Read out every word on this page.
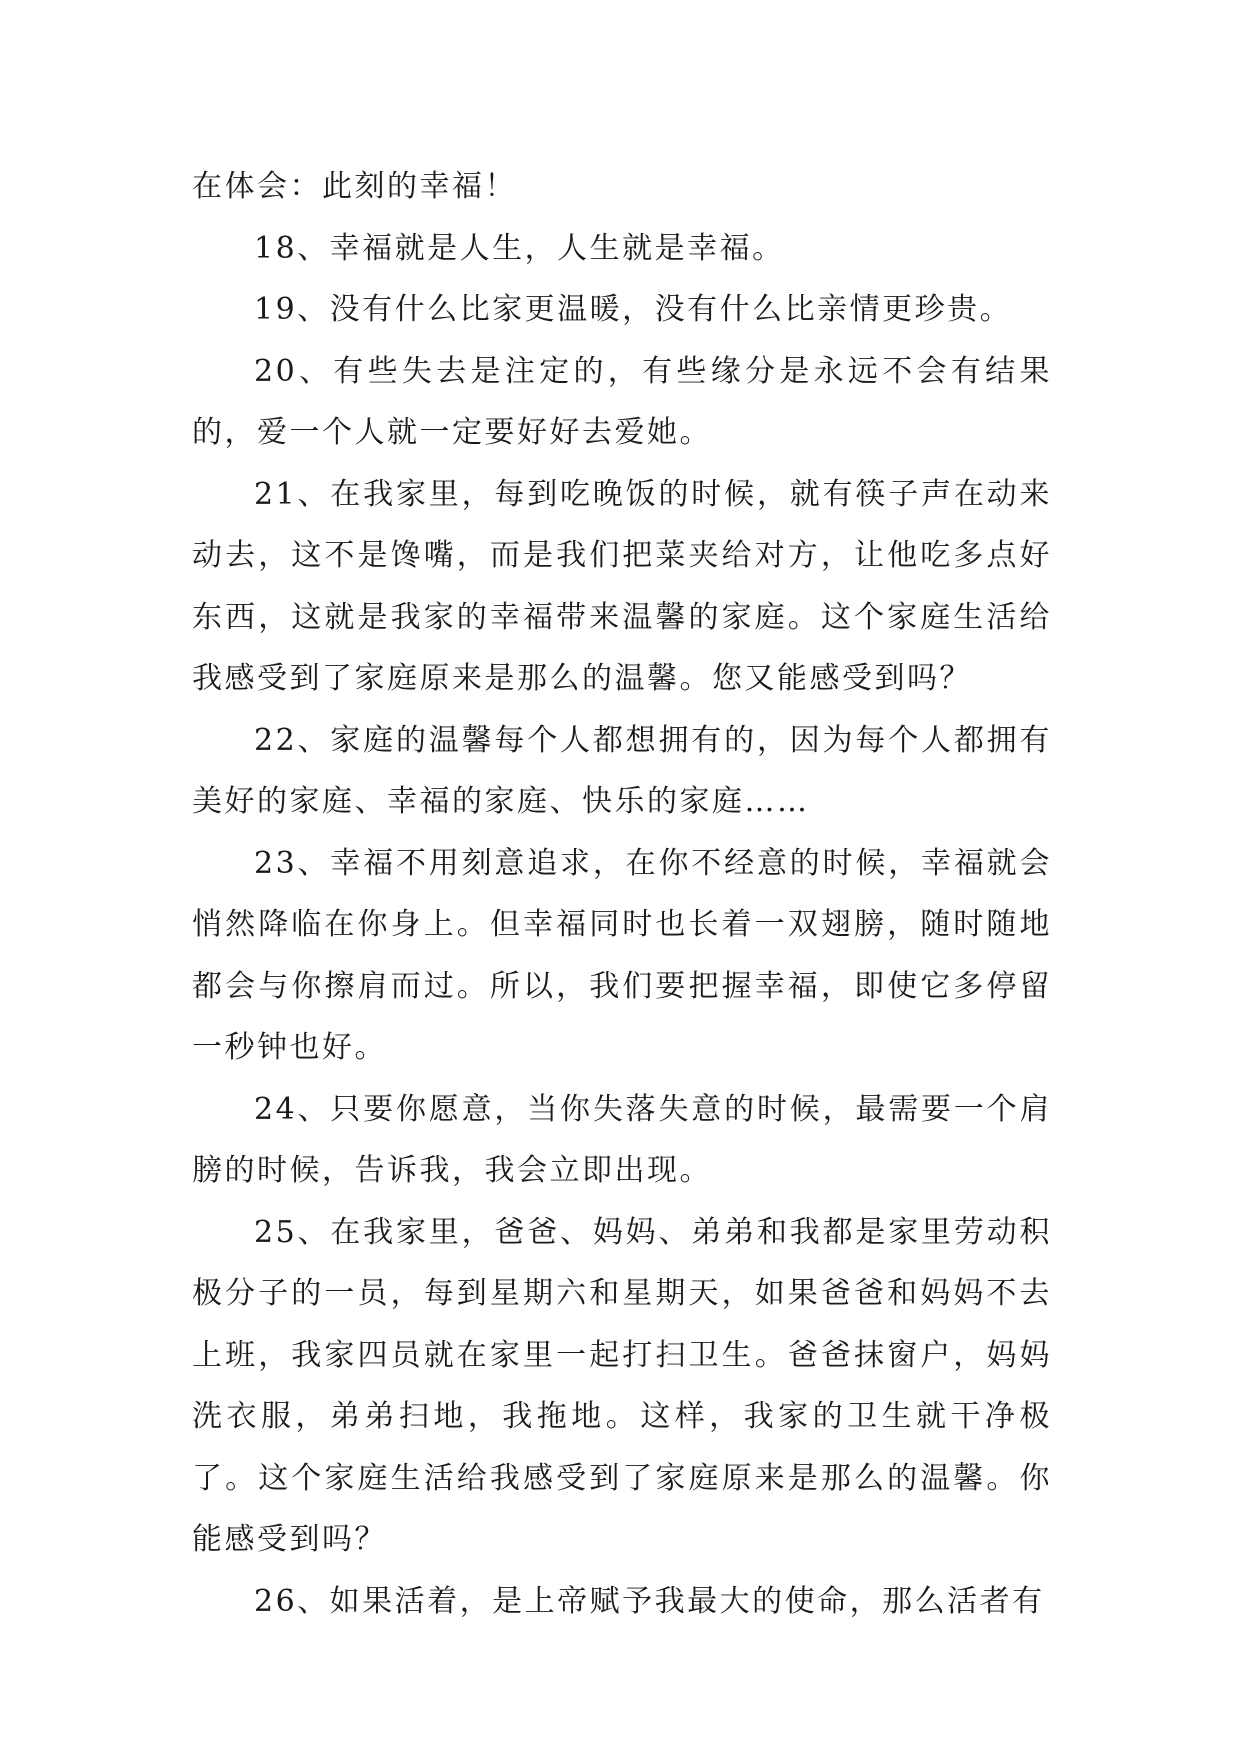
在体会：此刻的幸福！

18、幸福就是人生，人生就是幸福。

19、没有什么比家更温暖，没有什么比亲情更珍贵。

20、有些失去是注定的，有些缘分是永远不会有结果的，爱一个人就一定要好好去爱她。

21、在我家里，每到吃晚饭的时候，就有筷子声在动来动去，这不是馋嘴，而是我们把菜夹给对方，让他吃多点好东西，这就是我家的幸福带来温馨的家庭。这个家庭生活给我感受到了家庭原来是那么的温馨。您又能感受到吗？

22、家庭的温馨每个人都想拥有的，因为每个人都拥有美好的家庭、幸福的家庭、快乐的家庭……

23、幸福不用刻意追求，在你不经意的时候，幸福就会悄然降临在你身上。但幸福同时也长着一双翅膀，随时随地都会与你擦肩而过。所以，我们要把握幸福，即使它多停留一秒钟也好。

24、只要你愿意，当你失落失意的时候，最需要一个肩膀的时候，告诉我，我会立即出现。

25、在我家里，爸爸、妈妈、弟弟和我都是家里劳动积极分子的一员，每到星期六和星期天，如果爸爸和妈妈不去上班，我家四员就在家里一起打扫卫生。爸爸抹窗户，妈妈洗衣服，弟弟扫地，我拖地。这样，我家的卫生就干净极了。这个家庭生活给我感受到了家庭原来是那么的温馨。你能感受到吗？

26、如果活着，是上帝赋予我最大的使命，那么活者有
